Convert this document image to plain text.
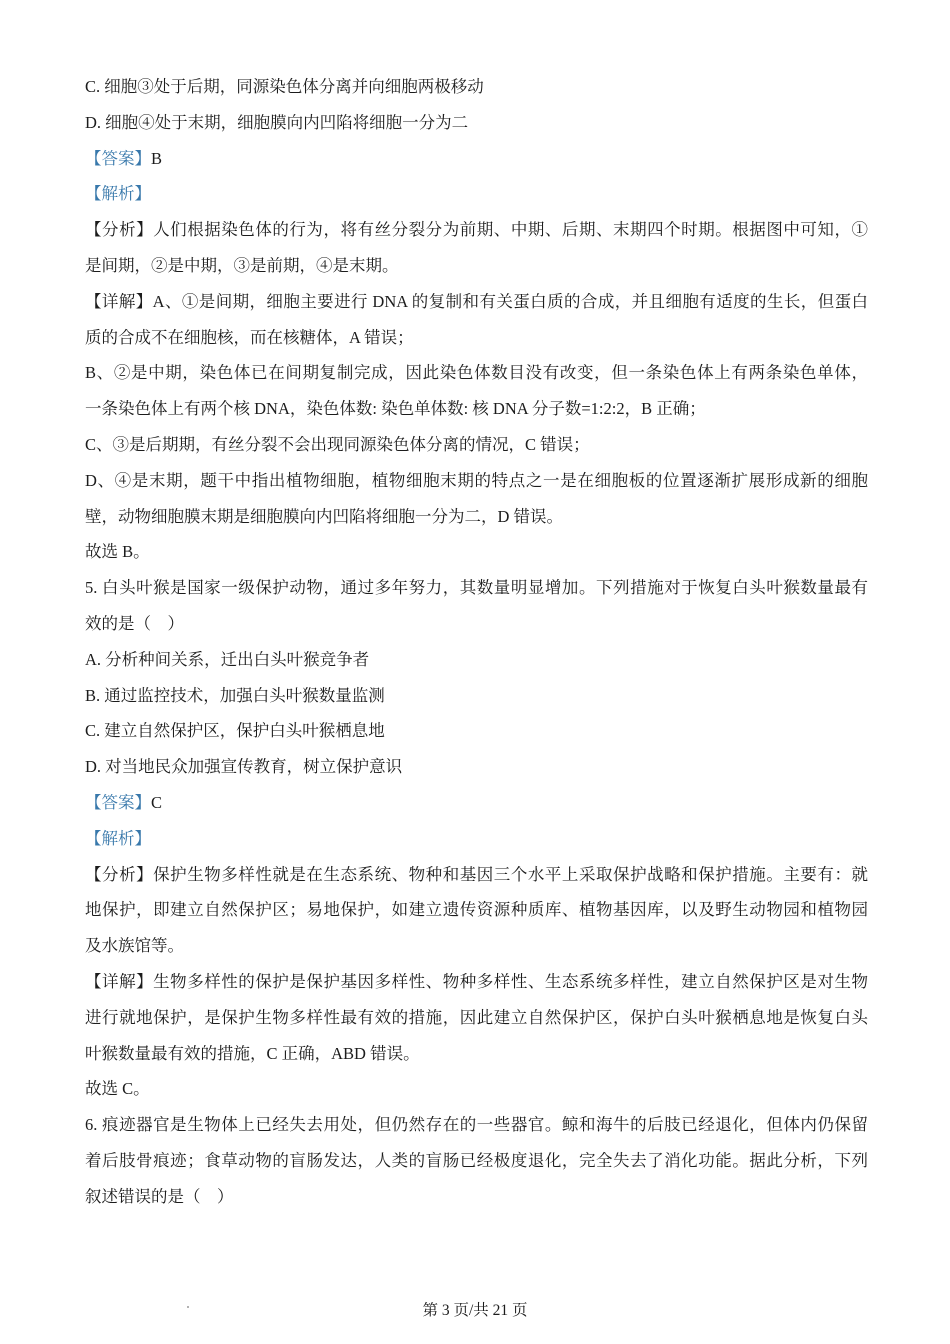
C. 细胞③处于后期，同源染色体分离并向细胞两极移动
D. 细胞④处于末期，细胞膜向内凹陷将细胞一分为二
【答案】B
【解析】
【分析】人们根据染色体的行为，将有丝分裂分为前期、中期、后期、末期四个时期。根据图中可知，①
是间期，②是中期，③是前期，④是末期。
【详解】A、①是间期，细胞主要进行 DNA 的复制和有关蛋白质的合成，并且细胞有适度的生长，但蛋白
质的合成不在细胞核，而在核糖体，A 错误；
B、②是中期，染色体已在间期复制完成，因此染色体数目没有改变，但一条染色体上有两条染色单体，
一条染色体上有两个核 DNA，染色体数: 染色单体数: 核 DNA 分子数=1:2:2，B 正确；
C、③是后期期，有丝分裂不会出现同源染色体分离的情况，C 错误；
D、④是末期，题干中指出植物细胞，植物细胞末期的特点之一是在细胞板的位置逐渐扩展形成新的细胞
壁，动物细胞膜末期是细胞膜向内凹陷将细胞一分为二，D 错误。
故选 B。
5. 白头叶猴是国家一级保护动物，通过多年努力，其数量明显增加。下列措施对于恢复白头叶猴数量最有
效的是（　）
A. 分析种间关系，迁出白头叶猴竞争者
B. 通过监控技术，加强白头叶猴数量监测
C. 建立自然保护区，保护白头叶猴栖息地
D. 对当地民众加强宣传教育，树立保护意识
【答案】C
【解析】
【分析】保护生物多样性就是在生态系统、物种和基因三个水平上采取保护战略和保护措施。主要有：就
地保护，即建立自然保护区；易地保护，如建立遗传资源种质库、植物基因库，以及野生动物园和植物园
及水族馆等。
【详解】生物多样性的保护是保护基因多样性、物种多样性、生态系统多样性，建立自然保护区是对生物
进行就地保护，是保护生物多样性最有效的措施，因此建立自然保护区，保护白头叶猴栖息地是恢复白头
叶猴数量最有效的措施，C 正确，ABD 错误。
故选 C。
6. 痕迹器官是生物体上已经失去用处，但仍然存在的一些器官。鲸和海牛的后肢已经退化，但体内仍保留
着后肢骨痕迹；食草动物的盲肠发达，人类的盲肠已经极度退化，完全失去了消化功能。据此分析，下列
叙述错误的是（　）
第 3 页/共 21 页
